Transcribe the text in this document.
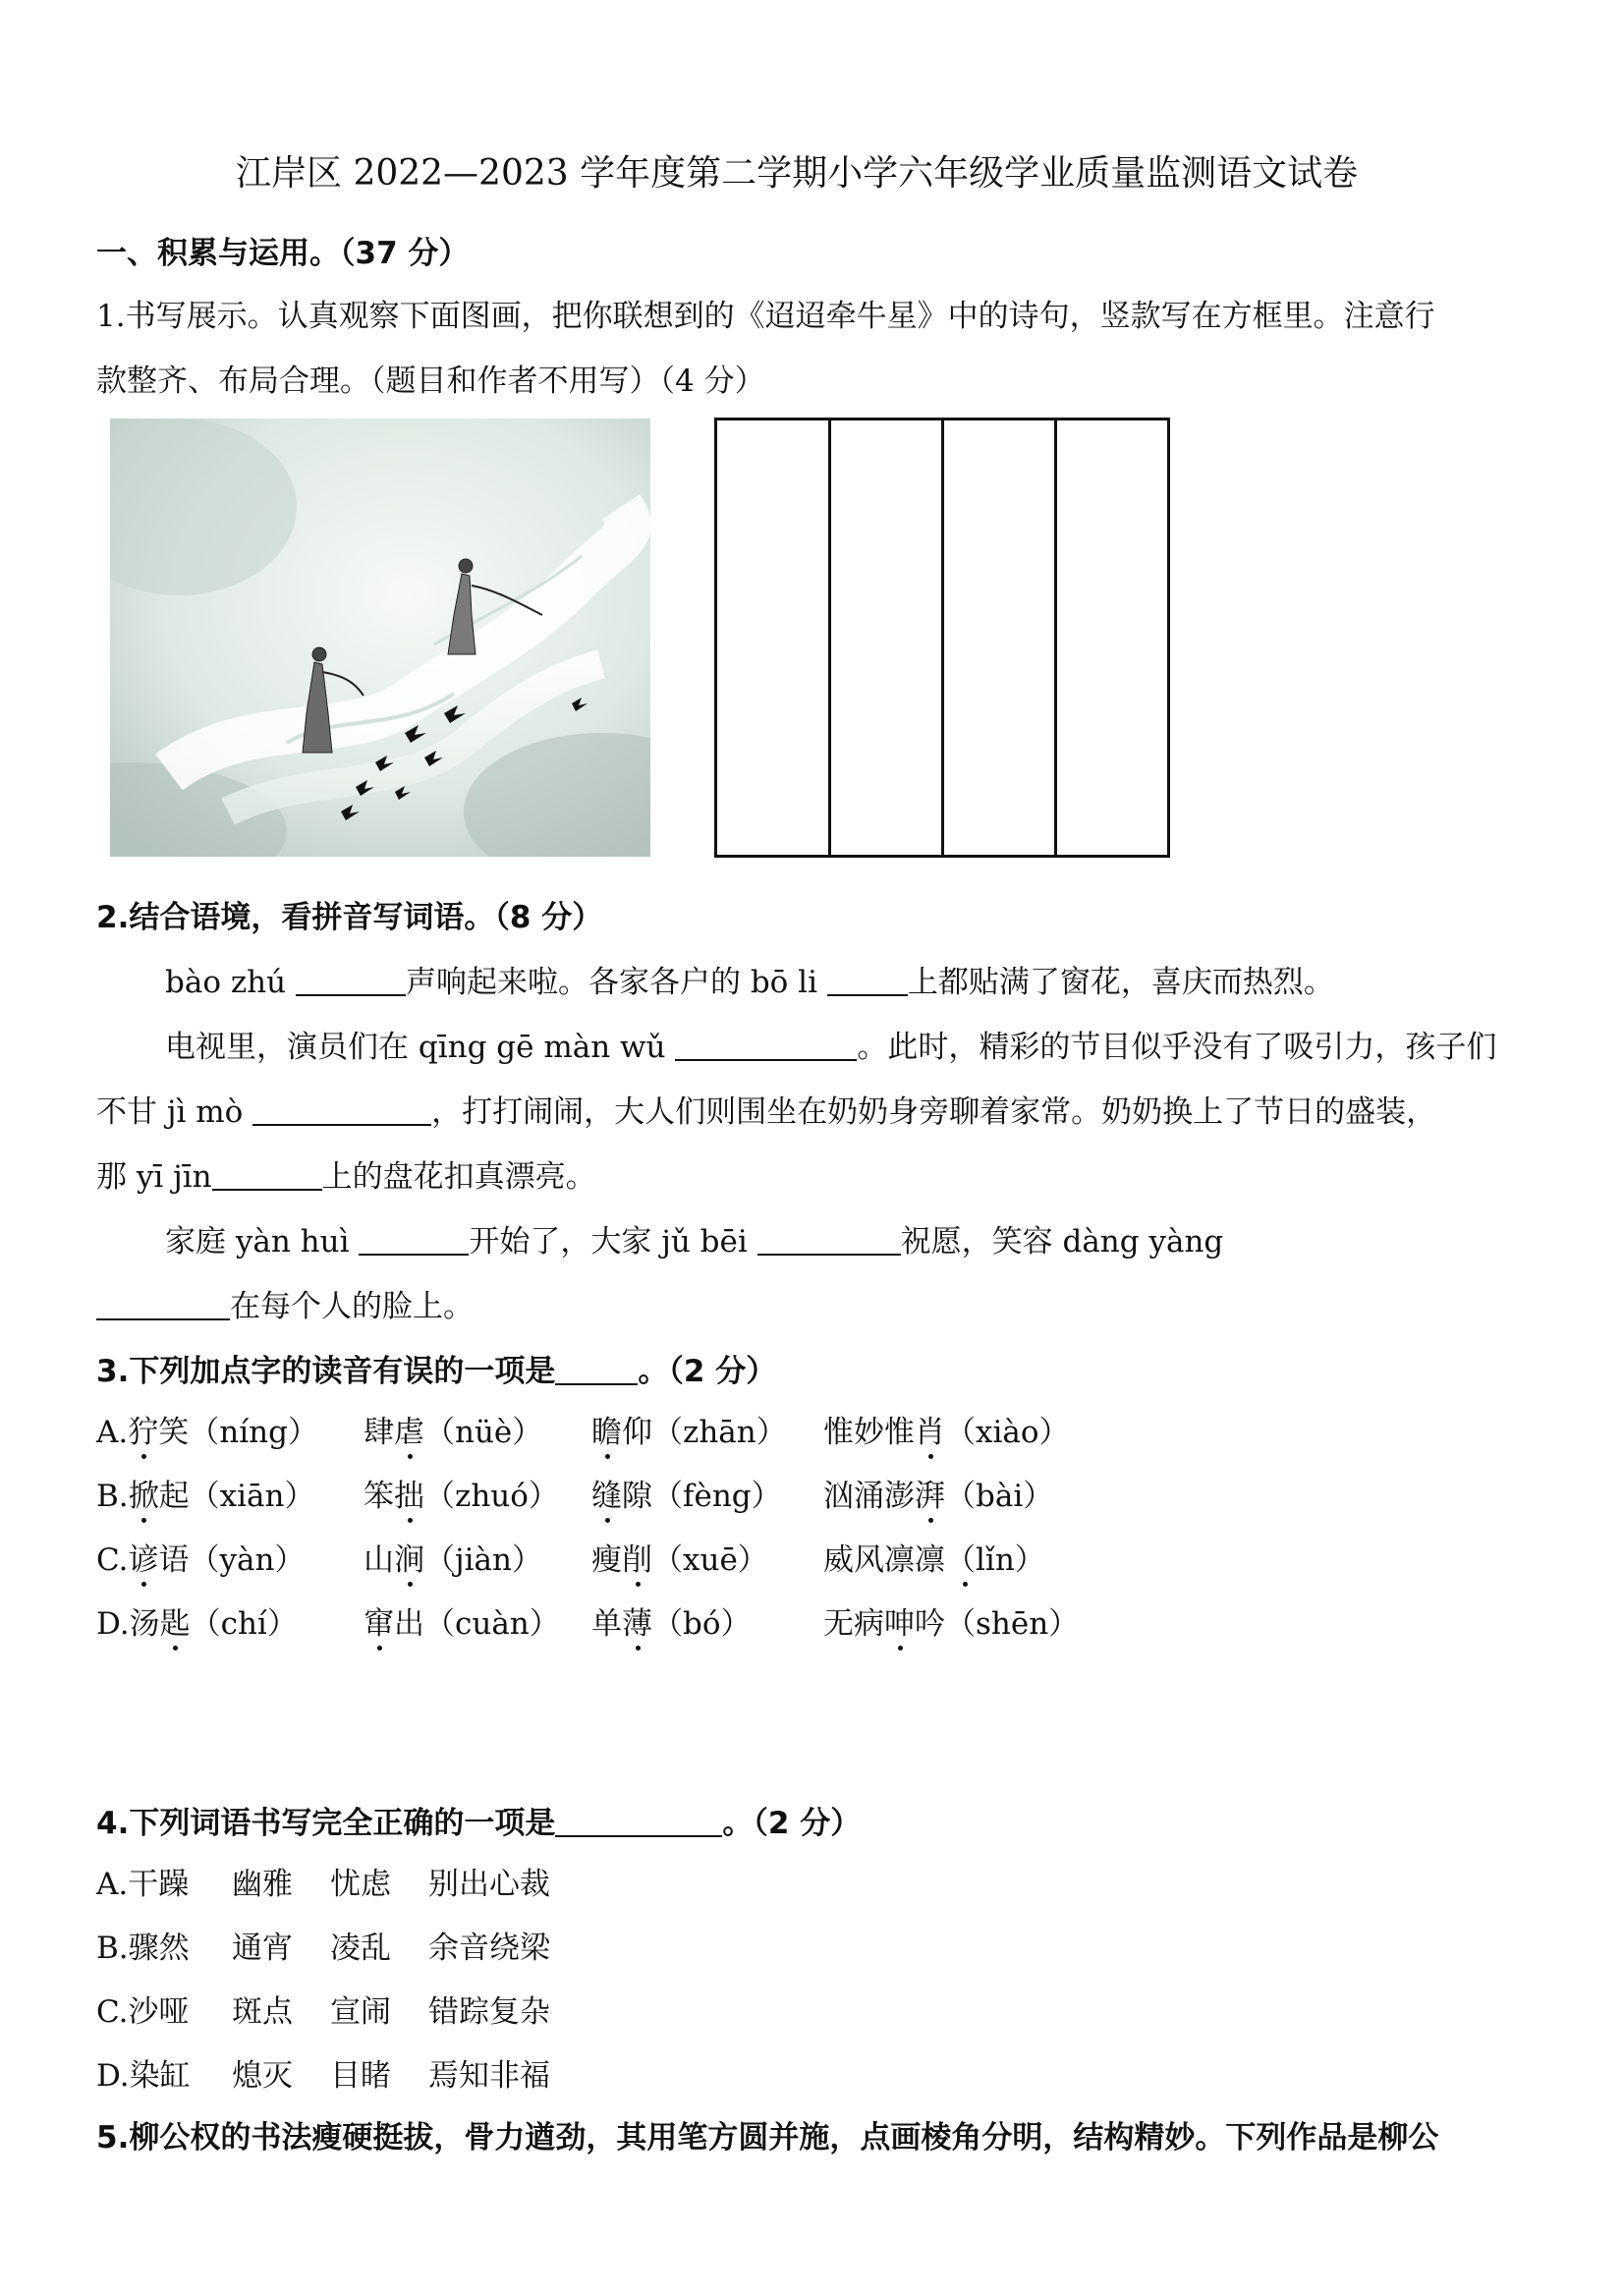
江岸区 2022—2023 学年度第二学期小学六年级学业质量监测语文试卷
一、积累与运用。（37 分）
1.书写展示。认真观察下面图画，把你联想到的《迢迢牵牛星》中的诗句，竖款写在方框里。注意行
款整齐、布局合理。（题目和作者不用写）（4 分）
2.结合语境，看拼音写词语。（8 分）
bào zhú	声响起来啦。各家各户的 bō li	上都贴满了窗花，喜庆而热烈。
电视里，演员们在 qīng gē màn wǔ	。此时，精彩的节目似乎没有了吸引力，孩子们
不甘 jì mò	，打打闹闹，大人们则围坐在奶奶身旁聊着家常。奶奶换上了节日的盛装，
那 yī jīn	上的盘花扣真漂亮。
家庭 yàn huì	开始了，大家 jǔ bēi	祝愿，笑容 dàng yàng
在每个人的脸上。
3.下列加点字的读音有误的一项是	。（2 分）
A.狞笑（níng） 肆虐（nüè） 瞻仰（zhān） 惟妙惟肖（xiào）
B.掀起（xiān） 笨拙（zhuó） 缝隙（fèng） 汹涌澎湃（bài）
C.谚语（yàn） 山涧（jiàn） 瘦削（xuē） 威风凛凛（lǐn）
D.汤匙（chí） 窜出（cuàn） 单薄（bó） 无病呻吟（shēn）
4.下列词语书写完全正确的一项是	。（2 分）
A.干躁 幽雅 忧虑 别出心裁
B.骤然 通宵 凌乱 余音绕梁
C.沙哑 斑点 宣闹 错踪复杂
D.染缸 熄灭 目睹 焉知非福
5.柳公权的书法瘦硬挺拔，骨力遒劲，其用笔方圆并施，点画棱角分明，结构精妙。下列作品是柳公
